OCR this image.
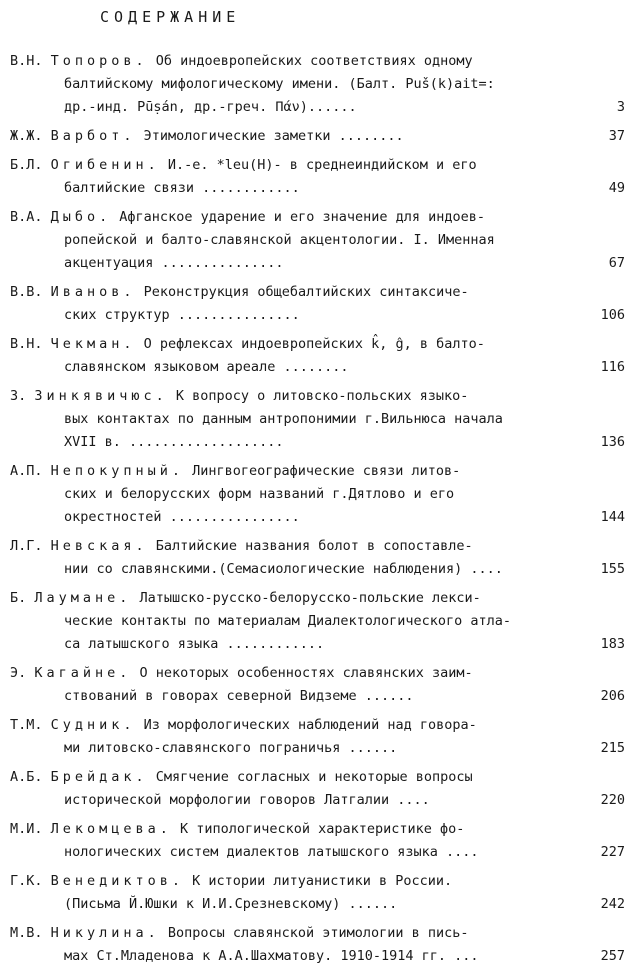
СОДЕРЖАНИЕ
В.Н. Топоров. Об индоевропейских соответствиях одному
балтийскому мифологическому имени. (Балт. Puš(k)ait=:
др.-инд. Pūṣán, др.-греч. Πάν)......	3
Ж.Ж. Варбот. Этимологические заметки ........	37
Б.Л. Огибенин. И.-е. *leu(H)- в среднеиндийском и его
балтийские связи ............	49
В.А. Дыбо. Афганское ударение и его значение для индоев-
ропейской и балто-славянской акцентологии. I. Именная
акцентуация ...............	67
В.В. Иванов. Реконструкция общебалтийских синтаксиче-
ских структур ...............	106
В.Н. Чекман. О рефлексах индоевропейских k̂, ĝ, в балто-
славянском языковом ареале ........	116
З. Зинкявичюс. К вопросу о литовско-польских языко-
вых контактах по данным антропонимии г.Вильнюса начала
XVII в. ...................	136
А.П. Непокупный. Лингвогеографические связи литов-
ских и белорусских форм названий г.Дятлово и его
окрестностей ................	144
Л.Г. Невская. Балтийские названия болот в сопоставле-
нии со славянскими.(Семасиологические наблюдения) ....	155
Б. Лаумане. Латышско-русско-белорусско-польские лекси-
ческие контакты по материалам Диалектологического атла-
са латышского языка ............	183
Э. Кагайне. О некоторых особенностях славянских заим-
ствований в говорах северной Видземе ......	206
Т.М. Судник. Из морфологических наблюдений над говора-
ми литовско-славянского пограничья ......	215
А.Б. Брейдак. Смягчение согласных и некоторые вопросы
исторической морфологии говоров Латгалии ....	220
М.И. Лекомцева. К типологической характеристике фо-
нологических систем диалектов латышского языка ....	227
Г.К. Венедиктов. К истории литуанистики в России.
(Письма Й.Юшки к И.И.Срезневскому) ......	242
М.В. Никулина. Вопросы славянской этимологии в пись-
мах Ст.Младенова к А.А.Шахматову. 1910-1914 гг. ...	257
